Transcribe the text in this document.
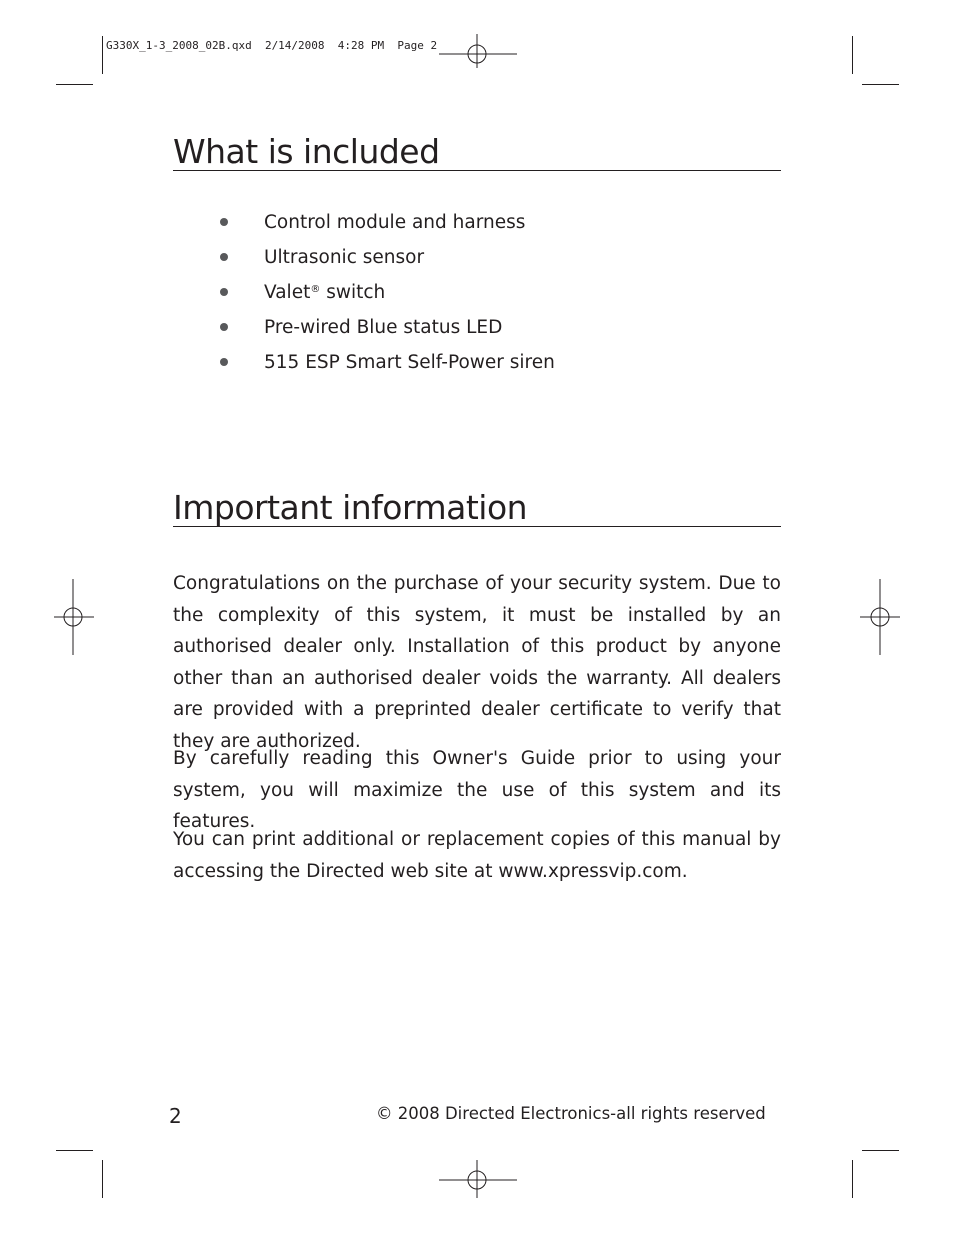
G330X_1-3_2008_02B.qxd  2/14/2008  4:28 PM  Page 2
What is included
Control module and harness
Ultrasonic sensor
Valet® switch
Pre-wired Blue status LED
515 ESP Smart Self-Power siren
Important information

Congratulations on the purchase of your security system. Due to the complexity of this system, it must be installed by an authorised dealer only. Installation of this product by anyone other than an authorised dealer voids the warranty. All dealers are provided with a preprinted dealer certificate to verify that they are authorized.

By carefully reading this Owner's Guide prior to using your system, you will maximize the use of this system and its features.

You can print additional or replacement copies of this manual by accessing the Directed web site at www.xpressvip.com.

2	© 2008 Directed Electronics-all rights reserved
